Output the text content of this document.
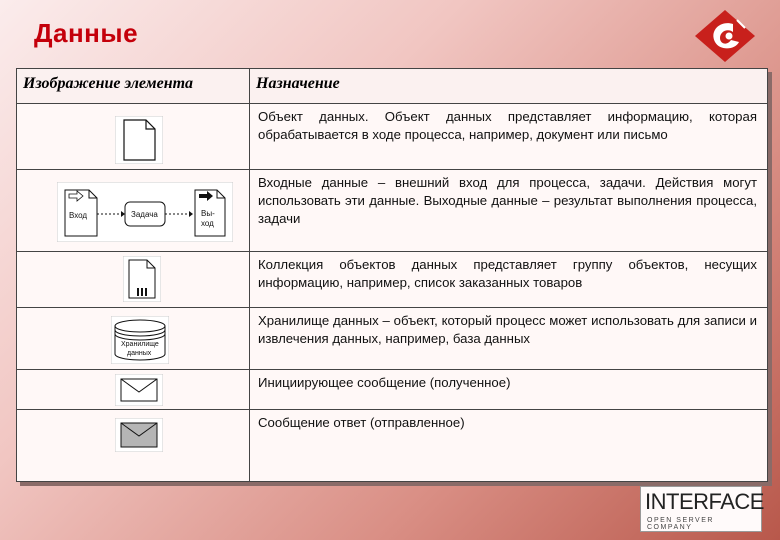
Данные
Изображение элемента	Назначение

	Объект данных. Объект данных представляет информацию, которая обрабатывается в ходе процесса, например, документ или письмо

Вход Задача Вы-
ход	Входные данные – внешний вход для процесса, задачи. Действия могут использовать эти данные. Выходные данные – результат выполнения процесса, задачи

	Коллекция объектов данных представляет группу объектов, несущих информацию, например, список заказанных товаров

Хранилище
данных	Хранилище данных – объект, который процесс может использовать для записи и извлечения данных, например, база данных

	Инициирующее сообщение (полученное)

	Сообщение ответ (отправленное)
INTERFACE
OPEN SERVER COMPANY
